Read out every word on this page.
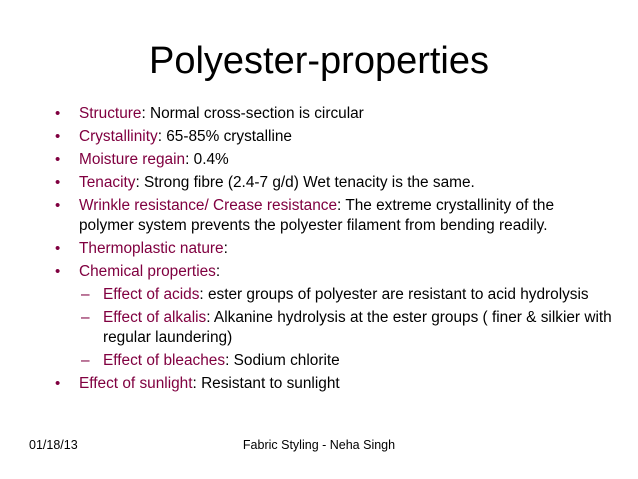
Polyester-properties
• Structure: Normal cross-section is circular
• Crystallinity: 65-85% crystalline
• Moisture regain: 0.4%
• Tenacity: Strong fibre (2.4-7 g/d) Wet tenacity is the same.
• Wrinkle resistance/ Crease resistance: The extreme crystallinity of the polymer system prevents the polyester filament from bending readily.
• Thermoplastic nature:
• Chemical properties:
– Effect of acids: ester groups of polyester are resistant to acid hydrolysis
– Effect of alkalis: Alkanine hydrolysis at the ester groups ( finer & silkier with regular laundering)
– Effect of bleaches: Sodium chlorite
• Effect of sunlight: Resistant to sunlight
01/18/13	Fabric Styling - Neha Singh
